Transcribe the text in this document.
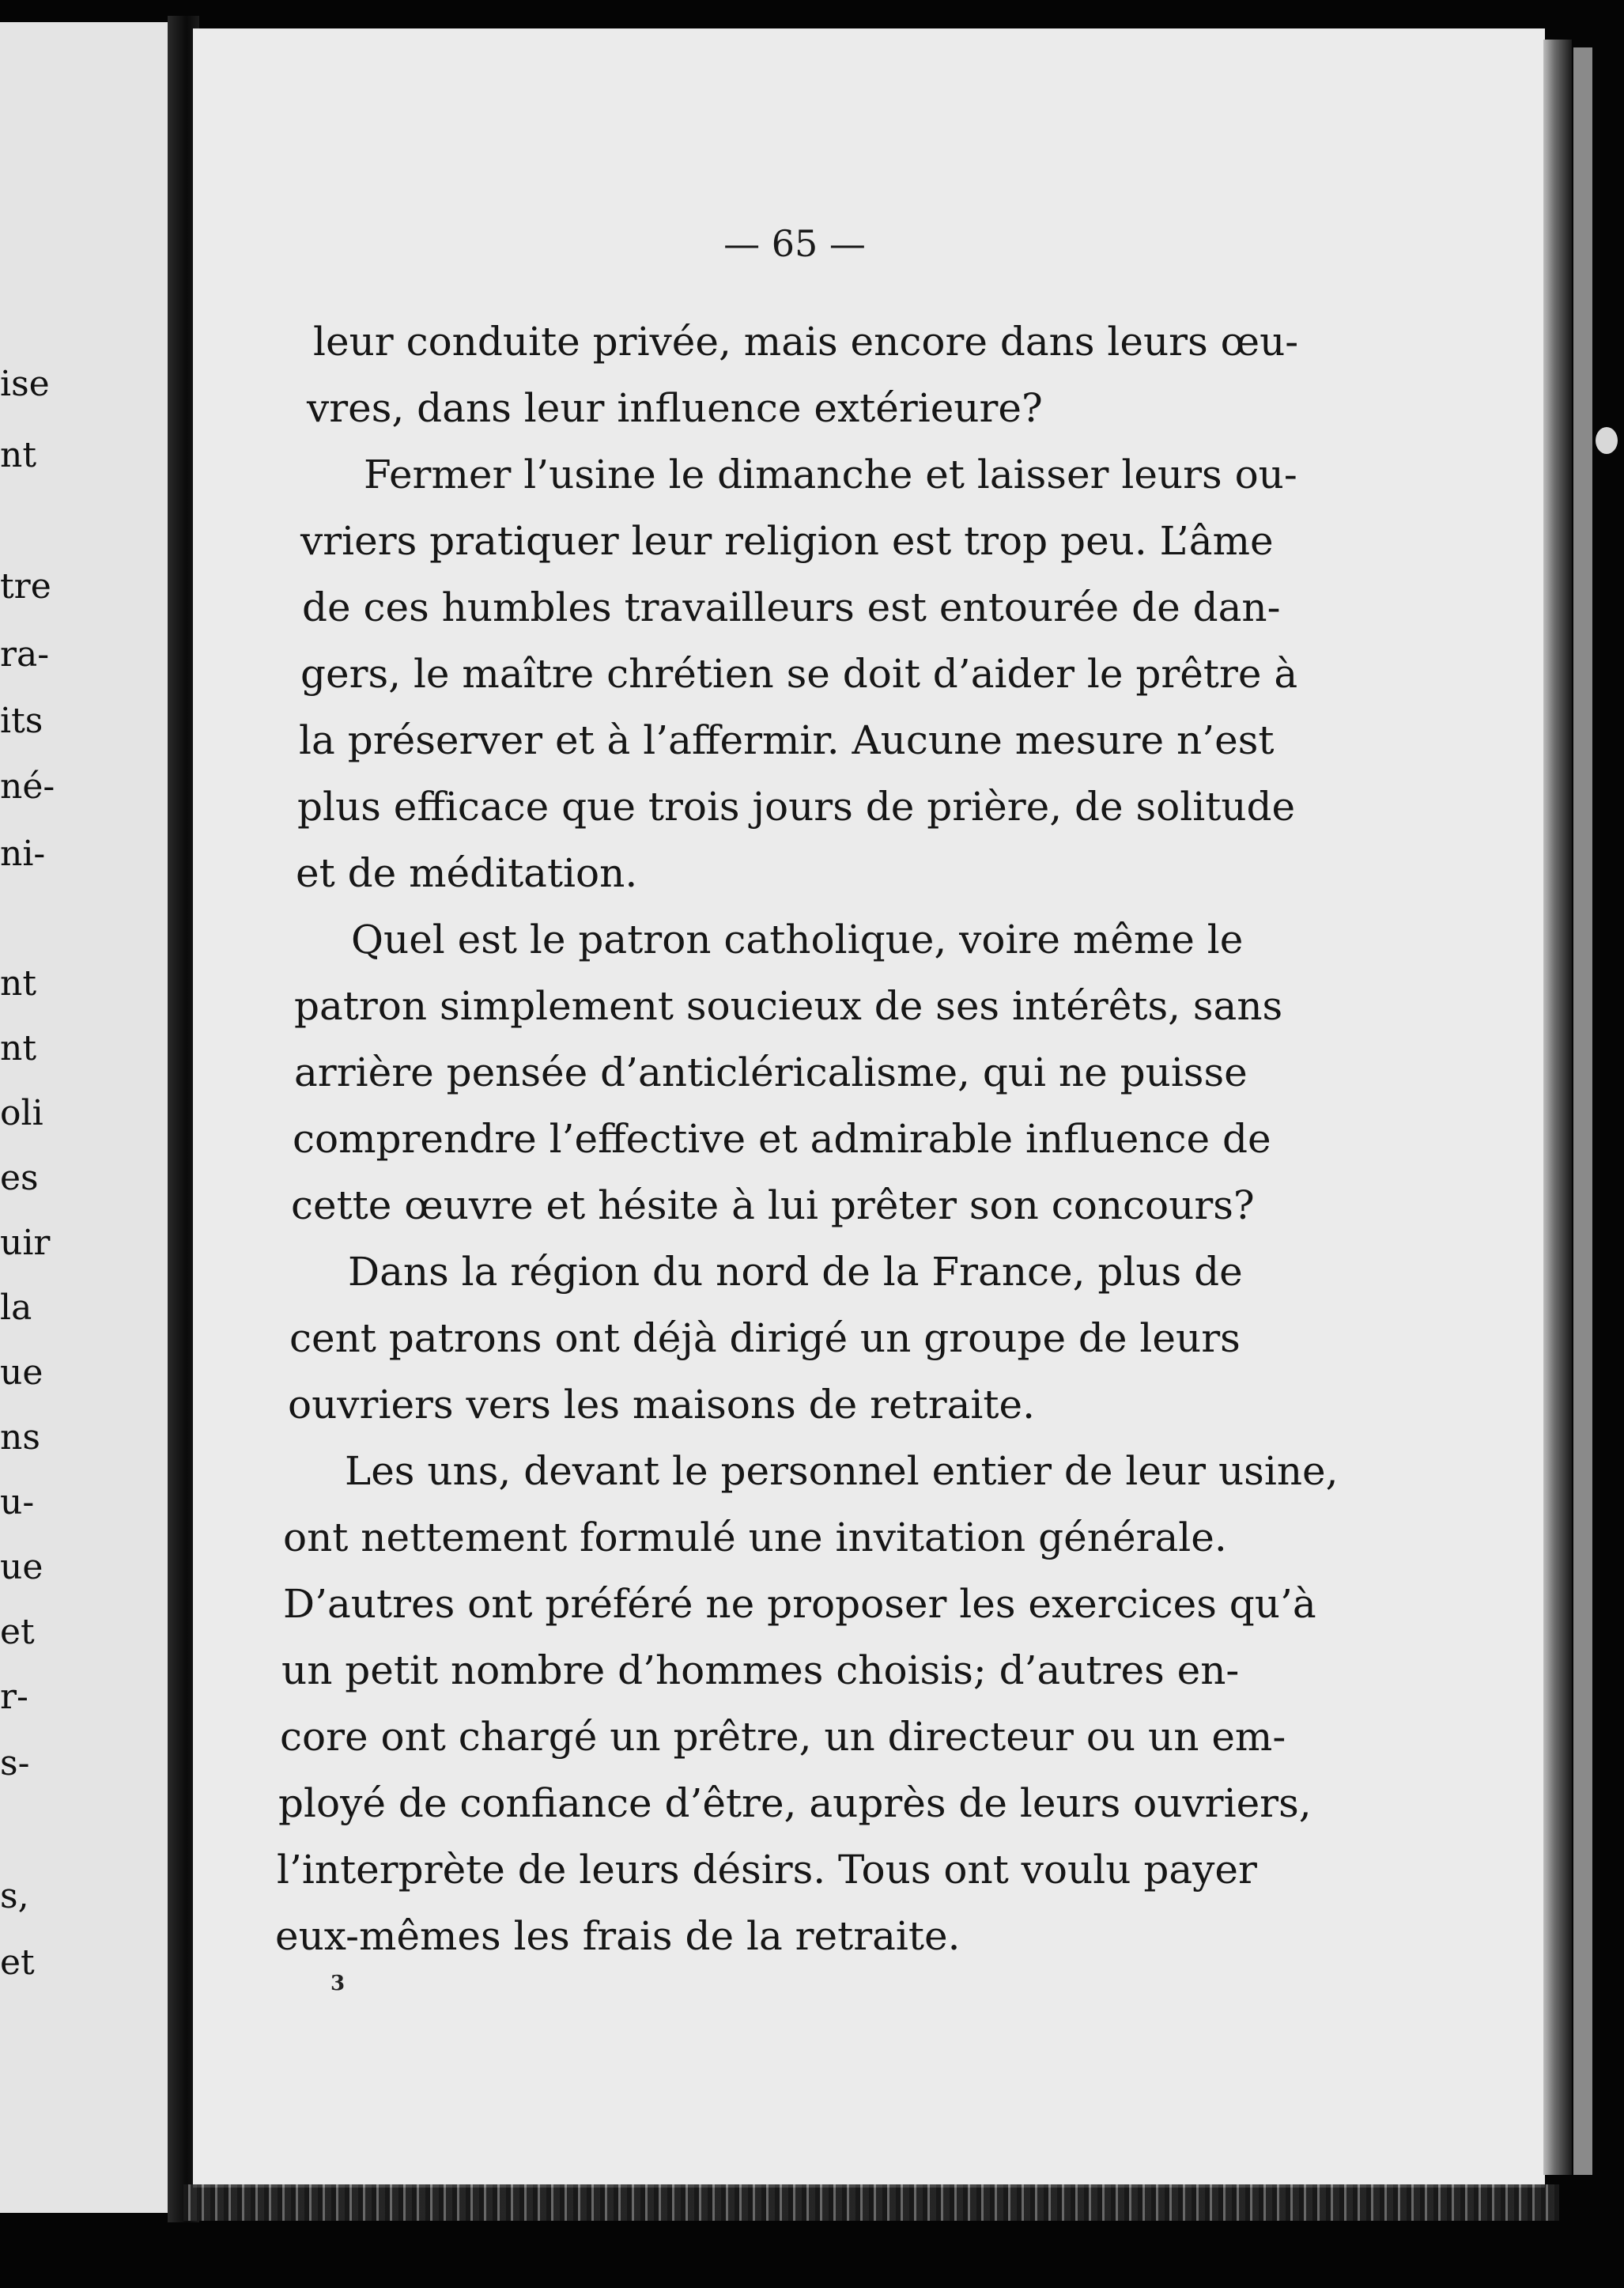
ise
nt
tre
ra-
its
né-
ni-
nt
nt
oli
es
uir
la
ue
ns
u-
ue
et
r-
s-
s,
et
— 65 —
leur conduite privée, mais encore dans leurs œu-
vres, dans leur influence extérieure?
Fermer l’usine le dimanche et laisser leurs ou-
vriers pratiquer leur religion est trop peu. L’âme
de ces humbles travailleurs est entourée de dan-
gers, le maître chrétien se doit d’aider le prêtre à
la préserver et à l’affermir. Aucune mesure n’est
plus efficace que trois jours de prière, de solitude
et de méditation.
Quel est le patron catholique, voire même le
patron simplement soucieux de ses intérêts, sans
arrière pensée d’anticléricalisme, qui ne puisse
comprendre l’effective et admirable influence de
cette œuvre et hésite à lui prêter son concours?
Dans la région du nord de la France, plus de
cent patrons ont déjà dirigé un groupe de leurs
ouvriers vers les maisons de retraite.
Les uns, devant le personnel entier de leur usine,
ont nettement formulé une invitation générale.
D’autres ont préféré ne proposer les exercices qu’à
un petit nombre d’hommes choisis; d’autres en-
core ont chargé un prêtre, un directeur ou un em-
ployé de confiance d’être, auprès de leurs ouvriers,
l’interprète de leurs désirs. Tous ont voulu payer
eux-mêmes les frais de la retraite.
3
